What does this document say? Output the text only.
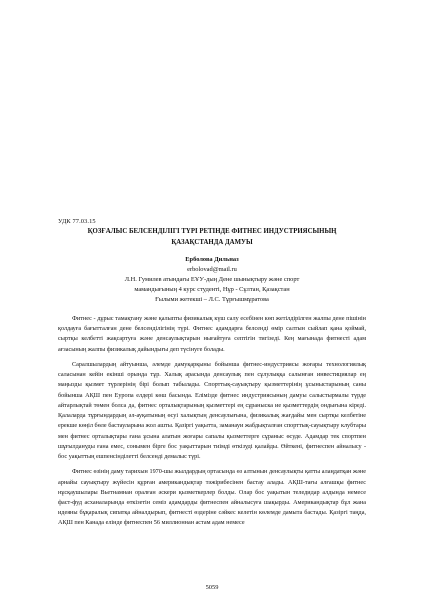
УДК 77.03.15
ҚОЗҒАЛЫС БЕЛСЕНДІЛІГІ ТҮРІ РЕТІНДЕ ФИТНЕС ИНДУСТРИЯСЫНЫҢ
ҚАЗАҚСТАНДА ДАМУЫ
Ерболова Дильназ
erbolovad@mail.ru
Л.Н. Гумилев атындағы ЕҰУ-дың Дене шынықтыру және спорт
мамандығының 4 курс студенті, Нұр - Сұлтан, Қазақстан
Ғылыми жетекші – Л.С. Тұрғышмұратова

Фитнес - дұрыс тамақтану және қалыпты физикалық күш салу есебінен көп жетілдірілген жалпы дене пішінін қолдауға бағытталған дене белсенділігінің түрі. Фитнес адамдарға белсенді өмір салтын сыйлап қана қоймай, сыртқы келбетті жақсартуға және денсаулықтарын нығайтуға септігін тигізеді. Кең мағынада фитнесті адам ағзасының жалпы физикалық дайындығы деп түсінуге болады.

Саралшылардың айтуынша, әлемде дамуқарқыны бойынша фитнес-индустриясы жоғары технологиялық саласынан кейін екінші орында тұр. Халық арасында денсаулық пен сұлулыққа салынған инвестициялар ең маңызды қызмет түрлерінің бірі болып табылады. Спорттық-сауықтыру қызметтерінің ұсыныстарының саны бойынша АҚШ пен Еуропа елдері көш басында. Елімізде фитнес индустриясының дамуы салыстырмалы түрде айтарлықтай төмен болса да, фитнес орталықтарының қызметтері ең сұраныска ие қызметтердің ондығына кіреді. Қалаларда тұрғындардың әл-ауқатының өсуі халықтың денсаулығына, физикалық жағдайы мен сыртқы келбетіне ерекше көңіл бөле бастауларына жол ашты. Қазіргі уақытта, заманауи жабдықталған спорттық-сауықтыру клубтары мен фитнес орталықтары ғана ұсына алатын жоғары сапалы қызметтерге сұраныс өсуде. Адамдар тек спортпен шұғылдануды ғана емес, сонымен бірге бос уақыттарын тиімді өткізуді қалайды. Өйткені, фитнеспен айналысу - бос уақыттың ешпенсінділетті белсенді демалыс түрі.

Фитнес өзінің даму тарихын 1970-шы жылдардың ортасында өз алтынын денсаулықты қатты алаңдатқан және арнайы сауықтыру жүйесін құрған американдықтар тәжірибесінен бастау алады. АҚШ-тағы алғашқы фитнес нұсқаушылары Вьетнамнан оралған әскери қызметкерлер болды. Олар бос уақытын теледидар алдында немесе фаст-фуд асханаларында өткізетін семіз адамдарды фитнеспен айналысуға шақырды. Американдықтар бұл жана идеяны бұқаралық сипатқа айналдырып, фитнесті өздеріне сәйкес келетін көлемде дамыта бастады. Қазіргі таңда, АҚШ пен Канада елінде фитнеспен 56 миллионнан астам адам немесе

5059
